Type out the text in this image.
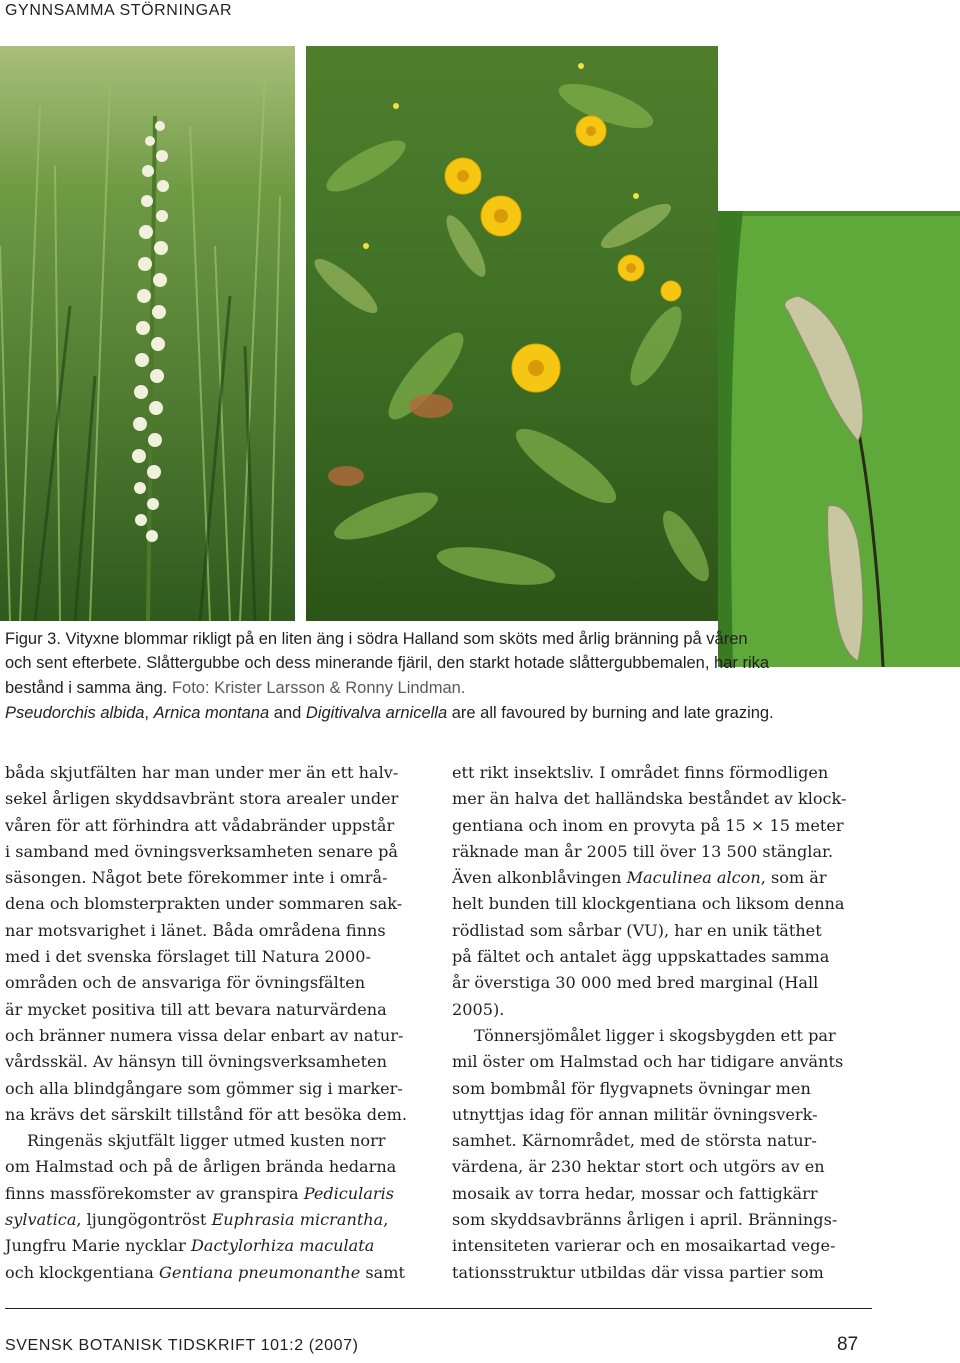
GYNNSAMMA STÖRNINGAR
Figur 3. Vityxne blommar rikligt på en liten äng i södra Halland som sköts med årlig bränning på våren
och sent efterbete. Slåttergubbe och dess minerande fjäril, den starkt hotade slåttergubbemalen, har rika
bestånd i samma äng. Foto: Krister Larsson & Ronny Lindman.
Pseudorchis albida, Arnica montana and Digitivalva arnicella are all favoured by burning and late grazing.
båda skjutfälten har man under mer än ett halv-
sekel årligen skyddsavbränt stora arealer under
våren för att förhindra att vådabränder uppstår
i samband med övningsverksamheten senare på
säsongen. Något bete förekommer inte i områ-
dena och blomsterprakten under sommaren sak-
nar motsvarighet i länet. Båda områdena finns
med i det svenska förslaget till Natura 2000-
områden och de ansvariga för övningsfälten
är mycket positiva till att bevara naturvärdena
och bränner numera vissa delar enbart av natur-
vårdsskäl. Av hänsyn till övningsverksamheten
och alla blindgångare som gömmer sig i marker-
na krävs det särskilt tillstånd för att besöka dem.
Ringenäs skjutfält ligger utmed kusten norr
om Halmstad och på de årligen brända hedarna
finns massförekomster av granspira Pedicularis
sylvatica, ljungögontröst Euphrasia micrantha,
Jungfru Marie nycklar Dactylorhiza maculata
och klockgentiana Gentiana pneumonanthe samt
ett rikt insektsliv. I området finns förmodligen
mer än halva det halländska beståndet av klock-
gentiana och inom en provyta på 15 × 15 meter
räknade man år 2005 till över 13 500 stänglar.
Även alkonblåvingen Maculinea alcon, som är
helt bunden till klockgentiana och liksom denna
rödlistad som sårbar (VU), har en unik täthet
på fältet och antalet ägg uppskattades samma
år överstiga 30 000 med bred marginal (Hall
2005).
Tönnersjömålet ligger i skogsbygden ett par
mil öster om Halmstad och har tidigare använts
som bombmål för flygvapnets övningar men
utnyttjas idag för annan militär övningsverk-
samhet. Kärnområdet, med de största natur-
värdena, är 230 hektar stort och utgörs av en
mosaik av torra hedar, mossar och fattigkärr
som skyddsavbränns årligen i april. Brännings-
intensiteten varierar och en mosaikartad vege-
tationsstruktur utbildas där vissa partier som
SVENSK BOTANISK TIDSKRIFT 101:2 (2007)	87
